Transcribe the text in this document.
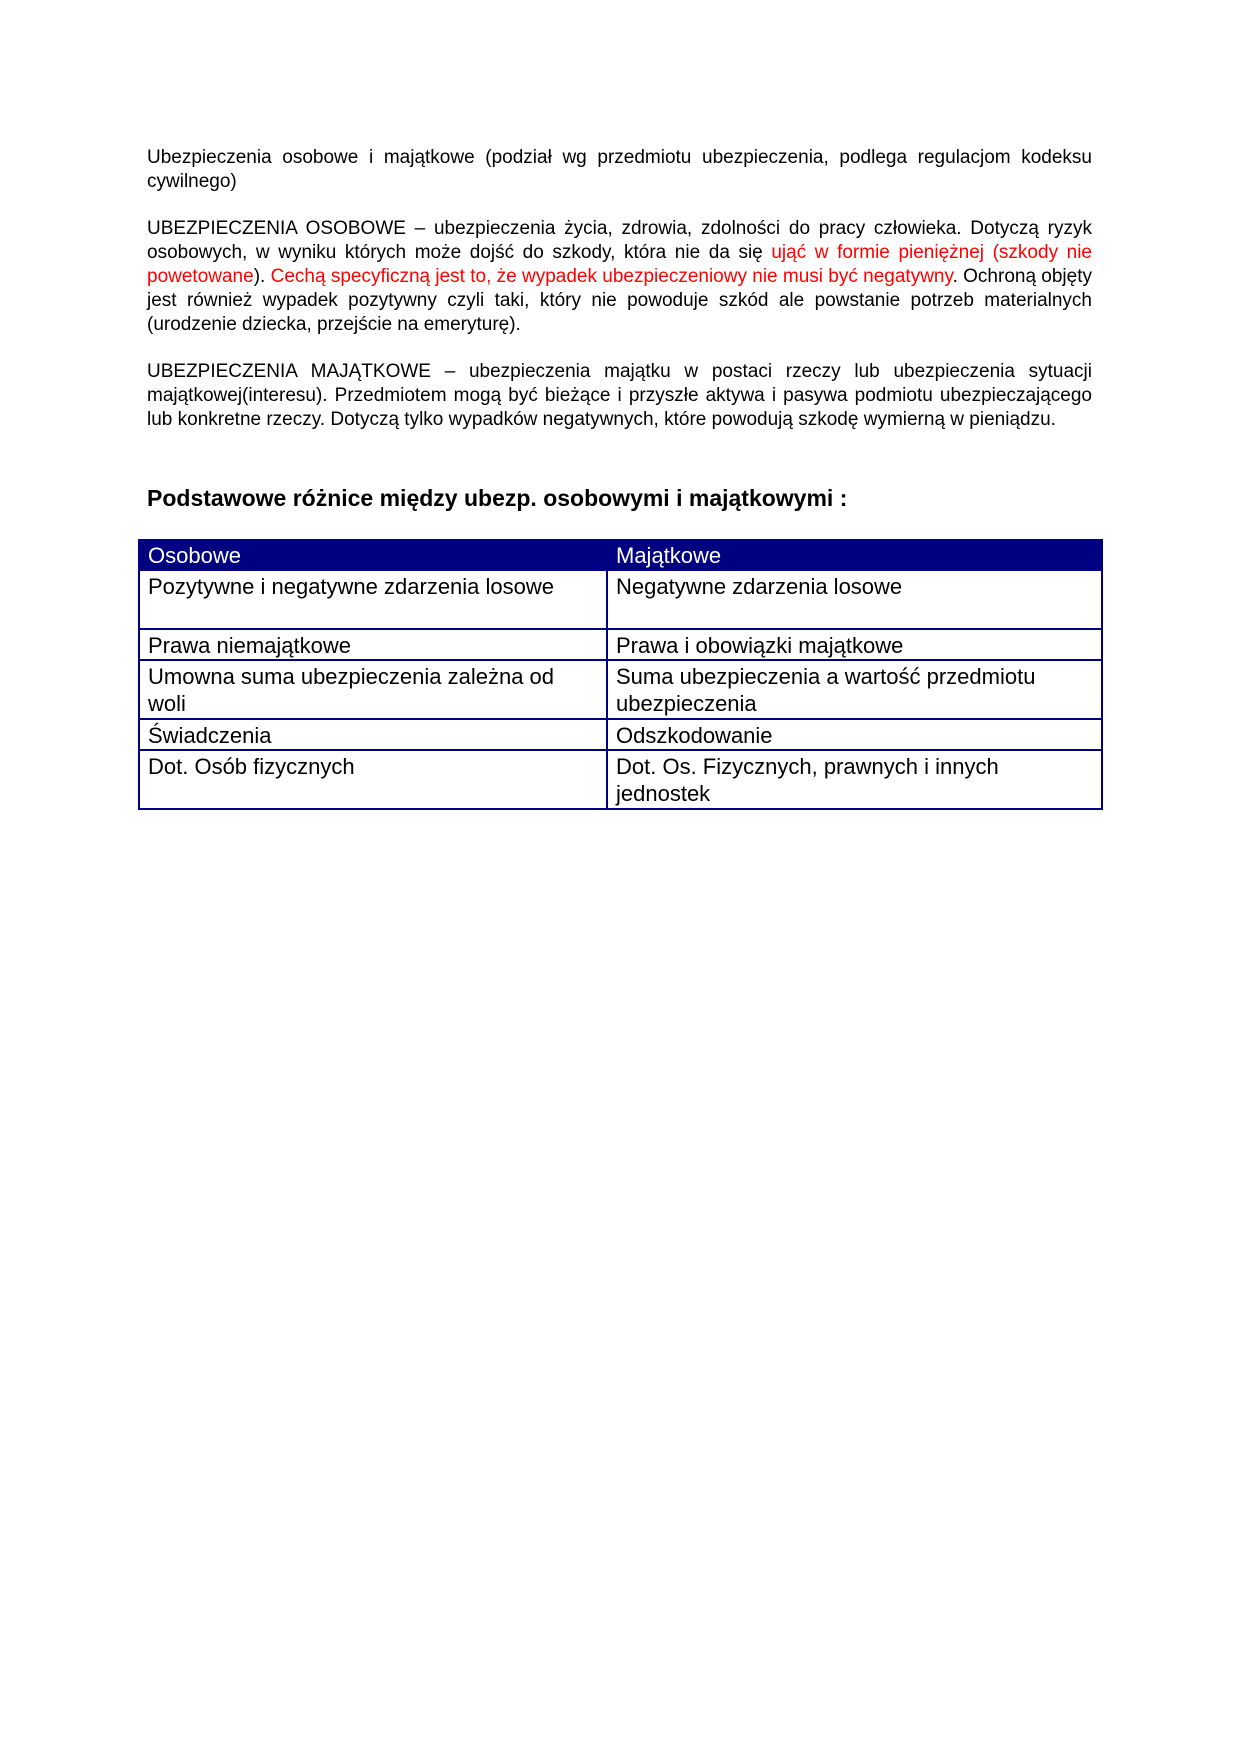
Ubezpieczenia osobowe i majątkowe (podział wg przedmiotu ubezpieczenia, podlega regulacjom kodeksu cywilnego)

UBEZPIECZENIA OSOBOWE – ubezpieczenia życia, zdrowia, zdolności do pracy człowieka. Dotyczą ryzyk osobowych, w wyniku których może dojść do szkody, która nie da się ująć w formie pieniężnej (szkody nie powetowane). Cechą specyficzną jest to, że wypadek ubezpieczeniowy nie musi być negatywny. Ochroną objęty jest również wypadek pozytywny czyli taki, który nie powoduje szkód ale powstanie potrzeb materialnych (urodzenie dziecka, przejście na emeryturę).

UBEZPIECZENIA MAJĄTKOWE – ubezpieczenia majątku w postaci rzeczy lub ubezpieczenia sytuacji majątkowej(interesu). Przedmiotem mogą być bieżące i przyszłe aktywa i pasywa podmiotu ubezpieczającego lub konkretne rzeczy. Dotyczą tylko wypadków negatywnych, które powodują szkodę wymierną w pieniądzu.

Podstawowe różnice między ubezp. osobowymi i majątkowymi :
Osobowe	Majątkowe
Pozytywne i negatywne zdarzenia losowe	Negatywne zdarzenia losowe
Prawa niemajątkowe	Prawa i obowiązki majątkowe
Umowna suma ubezpieczenia zależna od woli	Suma ubezpieczenia a wartość przedmiotu ubezpieczenia
Świadczenia	Odszkodowanie
Dot. Osób fizycznych	Dot. Os. Fizycznych, prawnych i innych jednostek
